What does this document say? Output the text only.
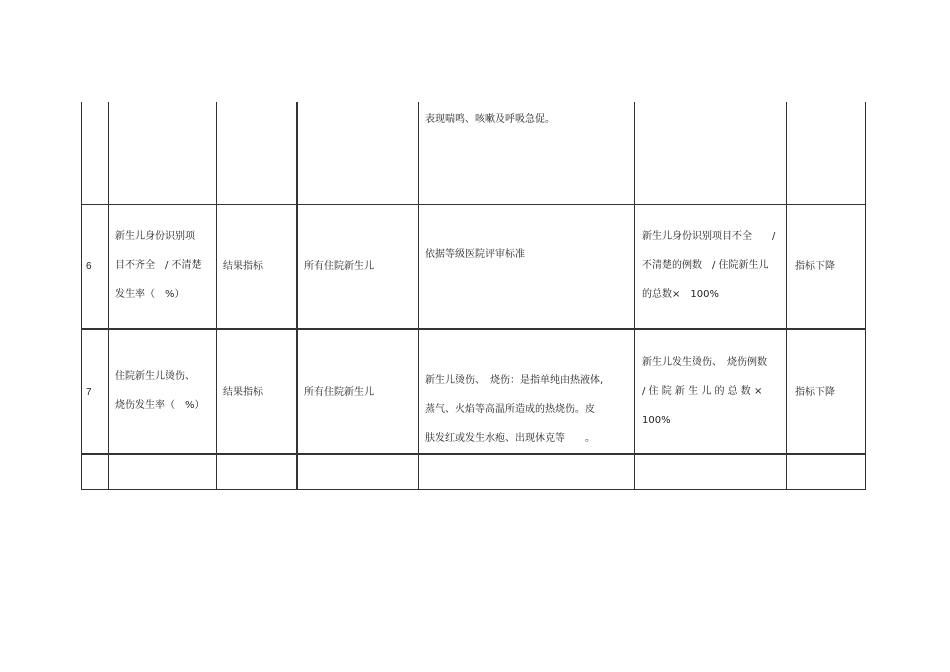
表现喘鸣、咳嗽及呼吸急促。
6
新生儿身份识别项
目不齐全　/ 不清楚
发生率（　%）
结果指标	所有住院新生儿
依据等级医院评审标准
新生儿身份识别项目不全　　/
不清楚的例数　/ 住院新生儿
的总数×　100%
指标下降
7
住院新生儿烫伤、
烧伤发生率（　%）
结果指标	所有住院新生儿
新生儿烫伤、　烧伤：是指单纯由热液体,
蒸气、火焰等高温所造成的热烧伤。皮
肤发红或发生水疱、出现休克等　　。
新生儿发生烫伤、　烧伤例数
/ 住 院 新 生 儿 的 总 数 ×
100%
指标下降
